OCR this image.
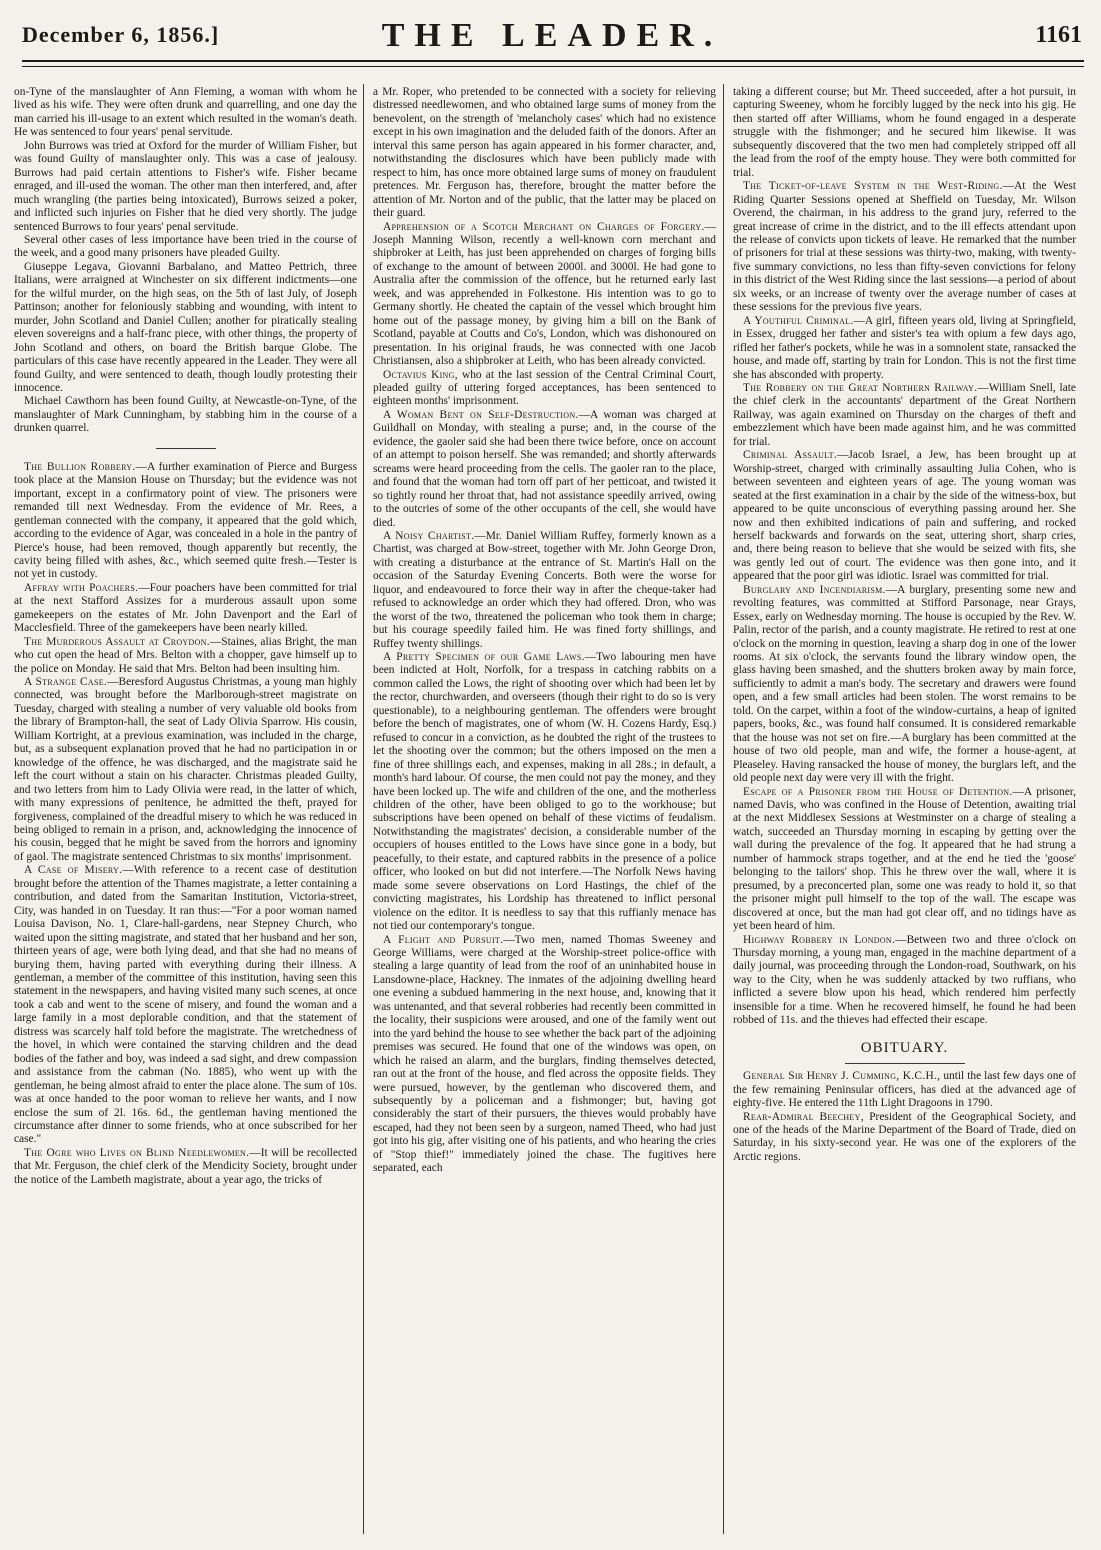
December 6, 1856.]	THE LEADER.	1161

on-Tyne of the manslaughter of Ann Fleming, a woman with whom he lived as his wife. They were often drunk and quarrelling, and one day the man carried his ill-usage to an extent which resulted in the woman's death. He was sentenced to four years' penal servitude.

John Burrows was tried at Oxford for the murder of William Fisher, but was found Guilty of manslaughter only. This was a case of jealousy. Burrows had paid certain attentions to Fisher's wife. Fisher became enraged, and ill-used the woman. The other man then interfered, and, after much wrangling (the parties being intoxicated), Burrows seized a poker, and inflicted such injuries on Fisher that he died very shortly. The judge sentenced Burrows to four years' penal servitude.

Several other cases of less importance have been tried in the course of the week, and a good many prisoners have pleaded Guilty.

Giuseppe Legava, Giovanni Barbalano, and Matteo Pettrich, three Italians, were arraigned at Winchester on six different indictments—one for the wilful murder, on the high seas, on the 5th of last July, of Joseph Pattinson; another for feloniously stabbing and wounding, with intent to murder, John Scotland and Daniel Cullen; another for piratically stealing eleven sovereigns and a half-franc piece, with other things, the property of John Scotland and others, on board the British barque Globe. The particulars of this case have recently appeared in the Leader. They were all found Guilty, and were sentenced to death, though loudly protesting their innocence.

Michael Cawthorn has been found Guilty, at Newcastle-on-Tyne, of the manslaughter of Mark Cunningham, by stabbing him in the course of a drunken quarrel.

The Bullion Robbery.—A further examination of Pierce and Burgess took place at the Mansion House on Thursday; but the evidence was not important, except in a confirmatory point of view. The prisoners were remanded till next Wednesday. From the evidence of Mr. Rees, a gentleman connected with the company, it appeared that the gold which, according to the evidence of Agar, was concealed in a hole in the pantry of Pierce's house, had been removed, though apparently but recently, the cavity being filled with ashes, &c., which seemed quite fresh.—Tester is not yet in custody.

Affray with Poachers.—Four poachers have been committed for trial at the next Stafford Assizes for a murderous assault upon some gamekeepers on the estates of Mr. John Davenport and the Earl of Macclesfield. Three of the gamekeepers have been nearly killed.

The Murderous Assault at Croydon.—Staines, alias Bright, the man who cut open the head of Mrs. Belton with a chopper, gave himself up to the police on Monday. He said that Mrs. Belton had been insulting him.

A Strange Case.—Beresford Augustus Christmas, a young man highly connected, was brought before the Marlborough-street magistrate on Tuesday, charged with stealing a number of very valuable old books from the library of Brampton-hall, the seat of Lady Olivia Sparrow. His cousin, William Kortright, at a previous examination, was included in the charge, but, as a subsequent explanation proved that he had no participation in or knowledge of the offence, he was discharged, and the magistrate said he left the court without a stain on his character. Christmas pleaded Guilty, and two letters from him to Lady Olivia were read, in the latter of which, with many expressions of penitence, he admitted the theft, prayed for forgiveness, complained of the dreadful misery to which he was reduced in being obliged to remain in a prison, and, acknowledging the innocence of his cousin, begged that he might be saved from the horrors and ignominy of gaol. The magistrate sentenced Christmas to six months' imprisonment.

A Case of Misery.—With reference to a recent case of destitution brought before the attention of the Thames magistrate, a letter containing a contribution, and dated from the Samaritan Institution, Victoria-street, City, was handed in on Tuesday. It ran thus:—"For a poor woman named Louisa Davison, No. 1, Clare-hall-gardens, near Stepney Church, who waited upon the sitting magistrate, and stated that her husband and her son, thirteen years of age, were both lying dead, and that she had no means of burying them, having parted with everything during their illness. A gentleman, a member of the committee of this institution, having seen this statement in the newspapers, and having visited many such scenes, at once took a cab and went to the scene of misery, and found the woman and a large family in a most deplorable condition, and that the statement of distress was scarcely half told before the magistrate. The wretchedness of the hovel, in which were contained the starving children and the dead bodies of the father and boy, was indeed a sad sight, and drew compassion and assistance from the cabman (No. 1885), who went up with the gentleman, he being almost afraid to enter the place alone. The sum of 10s. was at once handed to the poor woman to relieve her wants, and I now enclose the sum of 2l. 16s. 6d., the gentleman having mentioned the circumstance after dinner to some friends, who at once subscribed for her case."

The Ogre who Lives on Blind Needlewomen.—It will be recollected that Mr. Ferguson, the chief clerk of the Mendicity Society, brought under the notice of the Lambeth magistrate, about a year ago, the tricks of

a Mr. Roper, who pretended to be connected with a society for relieving distressed needlewomen, and who obtained large sums of money from the benevolent, on the strength of 'melancholy cases' which had no existence except in his own imagination and the deluded faith of the donors. After an interval this same person has again appeared in his former character, and, notwithstanding the disclosures which have been publicly made with respect to him, has once more obtained large sums of money on fraudulent pretences. Mr. Ferguson has, therefore, brought the matter before the attention of Mr. Norton and of the public, that the latter may be placed on their guard.

Apprehension of a Scotch Merchant on Charges of Forgery.—Joseph Manning Wilson, recently a well-known corn merchant and shipbroker at Leith, has just been apprehended on charges of forging bills of exchange to the amount of between 2000l. and 3000l. He had gone to Australia after the commission of the offence, but he returned early last week, and was apprehended in Folkestone. His intention was to go to Germany shortly. He cheated the captain of the vessel which brought him home out of the passage money, by giving him a bill on the Bank of Scotland, payable at Coutts and Co's, London, which was dishonoured on presentation. In his original frauds, he was connected with one Jacob Christiansen, also a shipbroker at Leith, who has been already convicted.

Octavius King, who at the last session of the Central Criminal Court, pleaded guilty of uttering forged acceptances, has been sentenced to eighteen months' imprisonment.

A Woman Bent on Self-Destruction.—A woman was charged at Guildhall on Monday, with stealing a purse; and, in the course of the evidence, the gaoler said she had been there twice before, once on account of an attempt to poison herself. She was remanded; and shortly afterwards screams were heard proceeding from the cells. The gaoler ran to the place, and found that the woman had torn off part of her petticoat, and twisted it so tightly round her throat that, had not assistance speedily arrived, owing to the outcries of some of the other occupants of the cell, she would have died.

A Noisy Chartist.—Mr. Daniel William Ruffey, formerly known as a Chartist, was charged at Bow-street, together with Mr. John George Dron, with creating a disturbance at the entrance of St. Martin's Hall on the occasion of the Saturday Evening Concerts. Both were the worse for liquor, and endeavoured to force their way in after the cheque-taker had refused to acknowledge an order which they had offered. Dron, who was the worst of the two, threatened the policeman who took them in charge; but his courage speedily failed him. He was fined forty shillings, and Ruffey twenty shillings.

A Pretty Specimen of our Game Laws.—Two labouring men have been indicted at Holt, Norfolk, for a trespass in catching rabbits on a common called the Lows, the right of shooting over which had been let by the rector, churchwarden, and overseers (though their right to do so is very questionable), to a neighbouring gentleman. The offenders were brought before the bench of magistrates, one of whom (W. H. Cozens Hardy, Esq.) refused to concur in a conviction, as he doubted the right of the trustees to let the shooting over the common; but the others imposed on the men a fine of three shillings each, and expenses, making in all 28s.; in default, a month's hard labour. Of course, the men could not pay the money, and they have been locked up. The wife and children of the one, and the motherless children of the other, have been obliged to go to the workhouse; but subscriptions have been opened on behalf of these victims of feudalism. Notwithstanding the magistrates' decision, a considerable number of the occupiers of houses entitled to the Lows have since gone in a body, but peacefully, to their estate, and captured rabbits in the presence of a police officer, who looked on but did not interfere.—The Norfolk News having made some severe observations on Lord Hastings, the chief of the convicting magistrates, his Lordship has threatened to inflict personal violence on the editor. It is needless to say that this ruffianly menace has not tied our contemporary's tongue.

A Flight and Pursuit.—Two men, named Thomas Sweeney and George Williams, were charged at the Worship-street police-office with stealing a large quantity of lead from the roof of an uninhabited house in Lansdowne-place, Hackney. The inmates of the adjoining dwelling heard one evening a subdued hammering in the next house, and, knowing that it was untenanted, and that several robberies had recently been committed in the locality, their suspicions were aroused, and one of the family went out into the yard behind the house to see whether the back part of the adjoining premises was secured. He found that one of the windows was open, on which he raised an alarm, and the burglars, finding themselves detected, ran out at the front of the house, and fled across the opposite fields. They were pursued, however, by the gentleman who discovered them, and subsequently by a policeman and a fishmonger; but, having got considerably the start of their pursuers, the thieves would probably have escaped, had they not been seen by a surgeon, named Theed, who had just got into his gig, after visiting one of his patients, and who hearing the cries of "Stop thief!" immediately joined the chase. The fugitives here separated, each

taking a different course; but Mr. Theed succeeded, after a hot pursuit, in capturing Sweeney, whom he forcibly lugged by the neck into his gig. He then started off after Williams, whom he found engaged in a desperate struggle with the fishmonger; and he secured him likewise. It was subsequently discovered that the two men had completely stripped off all the lead from the roof of the empty house. They were both committed for trial.

The Ticket-of-leave System in the West-Riding.—At the West Riding Quarter Sessions opened at Sheffield on Tuesday, Mr. Wilson Overend, the chairman, in his address to the grand jury, referred to the great increase of crime in the district, and to the ill effects attendant upon the release of convicts upon tickets of leave. He remarked that the number of prisoners for trial at these sessions was thirty-two, making, with twenty-five summary convictions, no less than fifty-seven convictions for felony in this district of the West Riding since the last sessions—a period of about six weeks, or an increase of twenty over the average number of cases at these sessions for the previous five years.

A Youthful Criminal.—A girl, fifteen years old, living at Springfield, in Essex, drugged her father and sister's tea with opium a few days ago, rifled her father's pockets, while he was in a somnolent state, ransacked the house, and made off, starting by train for London. This is not the first time she has absconded with property.

The Robbery on the Great Northern Railway.—William Snell, late the chief clerk in the accountants' department of the Great Northern Railway, was again examined on Thursday on the charges of theft and embezzlement which have been made against him, and he was committed for trial.

Criminal Assault.—Jacob Israel, a Jew, has been brought up at Worship-street, charged with criminally assaulting Julia Cohen, who is between seventeen and eighteen years of age. The young woman was seated at the first examination in a chair by the side of the witness-box, but appeared to be quite unconscious of everything passing around her. She now and then exhibited indications of pain and suffering, and rocked herself backwards and forwards on the seat, uttering short, sharp cries, and, there being reason to believe that she would be seized with fits, she was gently led out of court. The evidence was then gone into, and it appeared that the poor girl was idiotic. Israel was committed for trial.

Burglary and Incendiarism.—A burglary, presenting some new and revolting features, was committed at Stifford Parsonage, near Grays, Essex, early on Wednesday morning. The house is occupied by the Rev. W. Palin, rector of the parish, and a county magistrate. He retired to rest at one o'clock on the morning in question, leaving a sharp dog in one of the lower rooms. At six o'clock, the servants found the library window open, the glass having been smashed, and the shutters broken away by main force, sufficiently to admit a man's body. The secretary and drawers were found open, and a few small articles had been stolen. The worst remains to be told. On the carpet, within a foot of the window-curtains, a heap of ignited papers, books, &c., was found half consumed. It is considered remarkable that the house was not set on fire.—A burglary has been committed at the house of two old people, man and wife, the former a house-agent, at Pleaseley. Having ransacked the house of money, the burglars left, and the old people next day were very ill with the fright.

Escape of a Prisoner from the House of Detention.—A prisoner, named Davis, who was confined in the House of Detention, awaiting trial at the next Middlesex Sessions at Westminster on a charge of stealing a watch, succeeded an Thursday morning in escaping by getting over the wall during the prevalence of the fog. It appeared that he had strung a number of hammock straps together, and at the end he tied the 'goose' belonging to the tailors' shop. This he threw over the wall, where it is presumed, by a preconcerted plan, some one was ready to hold it, so that the prisoner might pull himself to the top of the wall. The escape was discovered at once, but the man had got clear off, and no tidings have as yet been heard of him.

Highway Robbery in London.—Between two and three o'clock on Thursday morning, a young man, engaged in the machine department of a daily journal, was proceeding through the London-road, Southwark, on his way to the City, when he was suddenly attacked by two ruffians, who inflicted a severe blow upon his head, which rendered him perfectly insensible for a time. When he recovered himself, he found he had been robbed of 11s. and the thieves had effected their escape.

OBITUARY.

General Sir Henry J. Cumming, K.C.H., until the last few days one of the few remaining Peninsular officers, has died at the advanced age of eighty-five. He entered the 11th Light Dragoons in 1790.

Rear-Admiral Beechey, President of the Geographical Society, and one of the heads of the Marine Department of the Board of Trade, died on Saturday, in his sixty-second year. He was one of the explorers of the Arctic regions.
